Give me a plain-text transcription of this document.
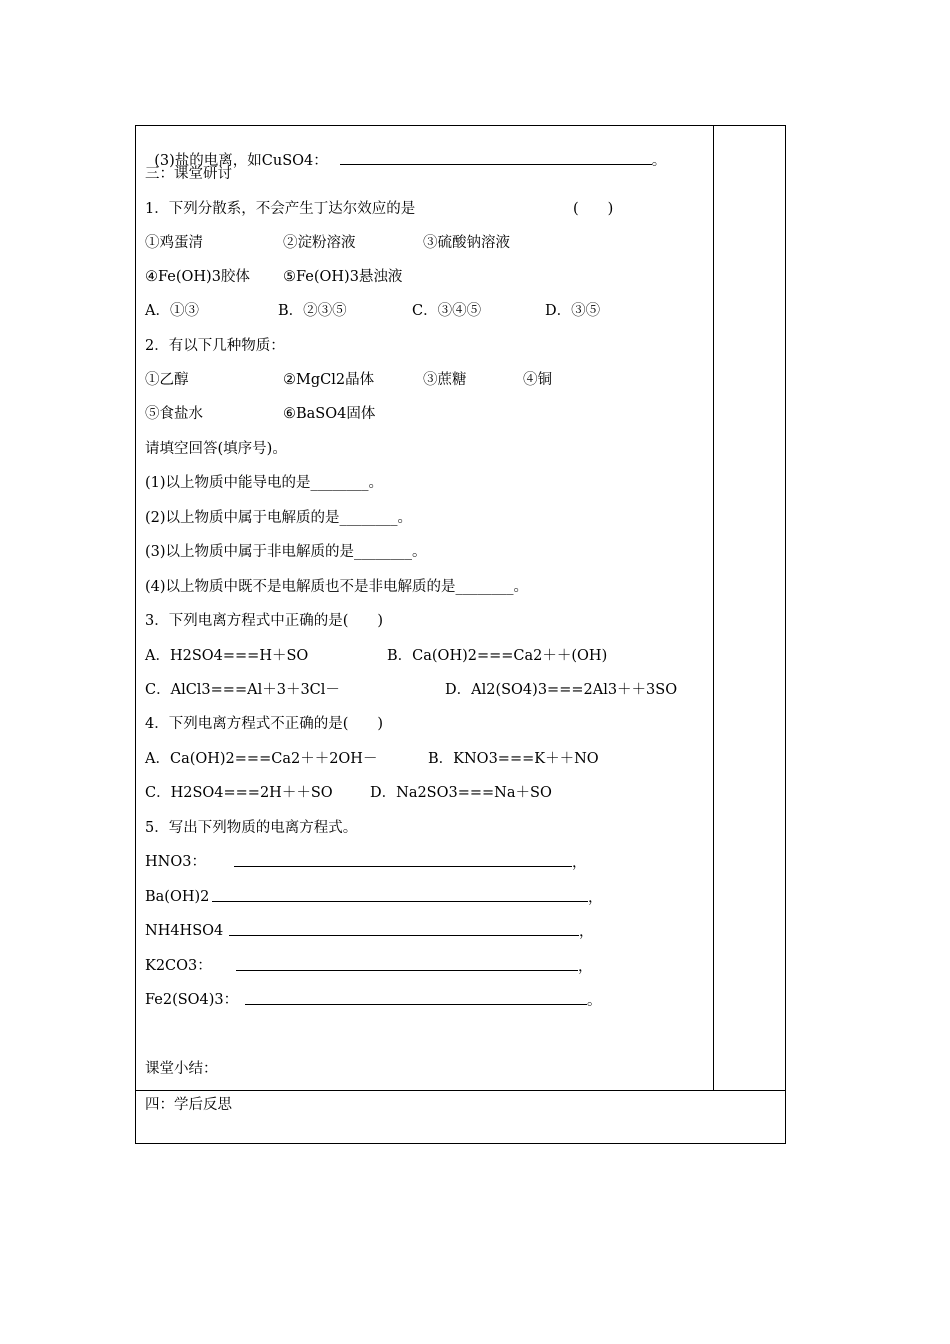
(3)盐的电离，如CuSO4：	。

三：课堂研讨
1．下列分散系，不会产生丁达尔效应的是	(　　)
①鸡蛋清	②淀粉溶液	③硫酸钠溶液
④Fe(OH)3胶体 ⑤Fe(OH)3悬浊液
A．①③	B．②③⑤	C．③④⑤	D．③⑤
2．有以下几种物质：
①乙醇	②MgCl2晶体	③蔗糖	④铜
⑤食盐水	⑥BaSO4固体
请填空回答(填序号)。
(1)以上物质中能导电的是________。
(2)以上物质中属于电解质的是________。
(3)以上物质中属于非电解质的是________。
(4)以上物质中既不是电解质也不是非电解质的是________。
3．下列电离方程式中正确的是(　　)
A．H2SO4===H＋SO	B．Ca(OH)2===Ca2＋＋(OH)
C．AlCl3===Al＋3＋3Cl－	D．Al2(SO4)3===2Al3＋＋3SO
4．下列电离方程式不正确的是(　　)
A．Ca(OH)2===Ca2＋＋2OH－	B．KNO3===K＋＋NO
C．H2SO4===2H＋＋SO	D．Na2SO3===Na＋SO
5．写出下列物质的电离方程式。
HNO3：	，
Ba(OH)2	，
NH4HSO4	，
K2CO3：	，
Fe2(SO4)3：	。
课堂小结：
四：学后反思
